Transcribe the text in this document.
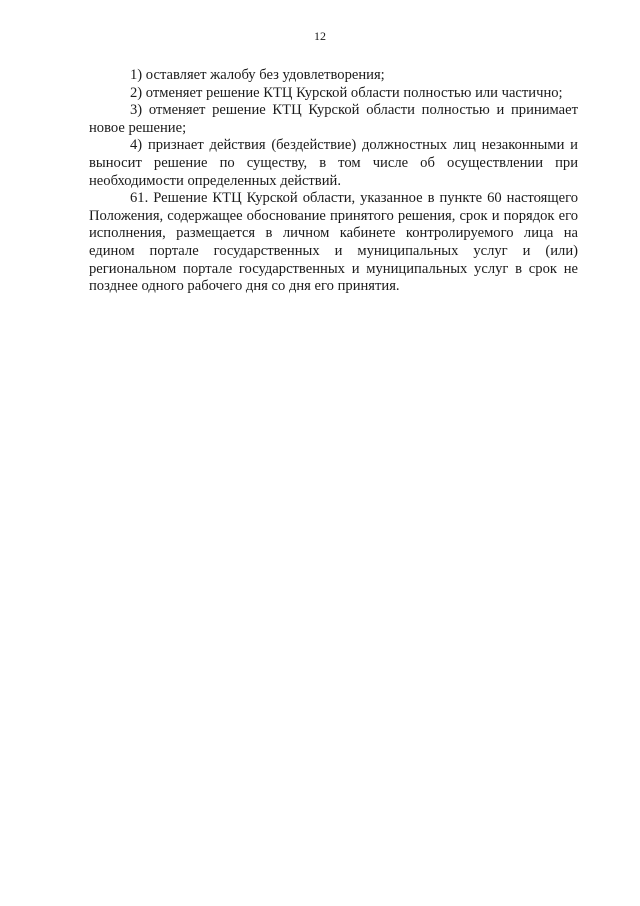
12

1) оставляет жалобу без удовлетворения;

2) отменяет решение КТЦ Курской области полностью или частично;

3) отменяет решение КТЦ Курской области полностью и принимает новое решение;

4) признает действия (бездействие) должностных лиц незаконными и выносит решение по существу, в том числе об осуществлении при необходимости определенных действий.

61. Решение КТЦ Курской области, указанное в пункте 60 настоящего Положения, содержащее обоснование принятого решения, срок и порядок его исполнения, размещается в личном кабинете контролируемого лица на едином портале государственных и муниципальных услуг и (или) региональном портале государственных и муниципальных услуг в срок не позднее одного рабочего дня со дня его принятия.
